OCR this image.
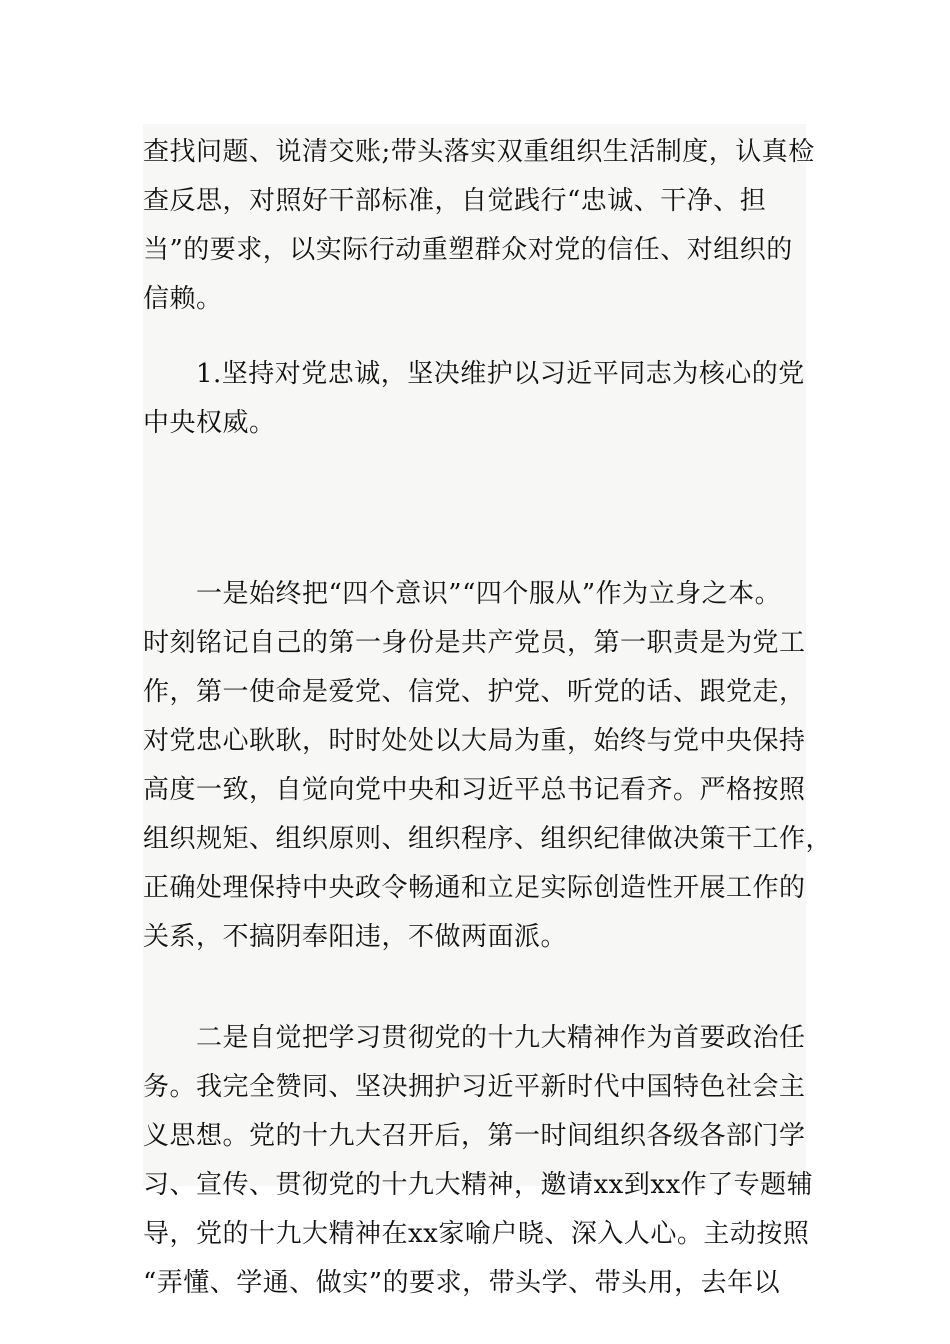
查找问题、说清交账;带头落实双重组织生活制度，认真检
查反思，对照好干部标准，自觉践行“忠诚、干净、担
当”的要求，以实际行动重塑群众对党的信任、对组织的
信赖。
　　1.坚持对党忠诚，坚决维护以习近平同志为核心的党
中央权威。
　　一是始终把“四个意识”“四个服从”作为立身之本。
时刻铭记自己的第一身份是共产党员，第一职责是为党工
作，第一使命是爱党、信党、护党、听党的话、跟党走，
对党忠心耿耿，时时处处以大局为重，始终与党中央保持
高度一致，自觉向党中央和习近平总书记看齐。严格按照
组织规矩、组织原则、组织程序、组织纪律做决策干工作，
正确处理保持中央政令畅通和立足实际创造性开展工作的
关系，不搞阴奉阳违，不做两面派。
　　二是自觉把学习贯彻党的十九大精神作为首要政治任
务。我完全赞同、坚决拥护习近平新时代中国特色社会主
义思想。党的十九大召开后，第一时间组织各级各部门学
习、宣传、贯彻党的十九大精神，邀请xx到xx作了专题辅
导，党的十九大精神在xx家喻户晓、深入人心。主动按照
“弄懂、学通、做实”的要求，带头学、带头用，去年以
